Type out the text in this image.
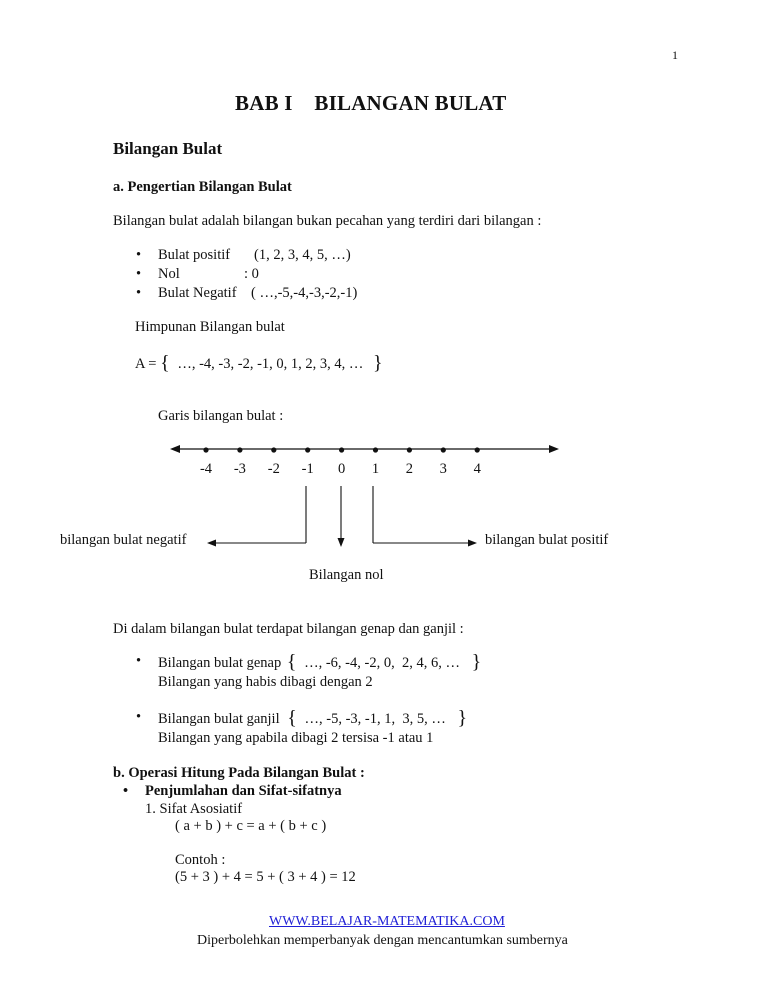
1
BAB I    BILANGAN BULAT
Bilangan Bulat
a. Pengertian Bilangan Bulat
Bilangan bulat adalah bilangan bukan pecahan yang terdiri dari bilangan :
• Bulat positif (1, 2, 3, 4, 5, …)
• Nol	: 0
• Bulat Negatif ( …,-5,-4,-3,-2,-1)
Himpunan Bilangan bulat
A = { …, -4, -3, -2, -1, 0, 1, 2, 3, 4, … }
Garis bilangan bulat :
-4	-3	-2	-1	0	1	2	3	4
bilangan bulat negatif	bilangan bulat positif
Bilangan nol
Di dalam bilangan bulat terdapat bilangan genap dan ganjil :
• Bilangan bulat genap { …, -6, -4, -2, 0,  2, 4, 6, … }
Bilangan yang habis dibagi dengan 2
• Bilangan bulat ganjil { …, -5, -3, -1, 1,  3, 5, … }
Bilangan yang apabila dibagi 2 tersisa -1 atau 1
b. Operasi Hitung Pada Bilangan Bulat :
• Penjumlahan dan Sifat-sifatnya
1. Sifat Asosiatif
( a + b ) + c = a + ( b + c )
Contoh :
(5 + 3 ) + 4 = 5 + ( 3 + 4 ) = 12
WWW.BELAJAR-MATEMATIKA.COM
Diperbolehkan memperbanyak dengan mencantumkan sumbernya
